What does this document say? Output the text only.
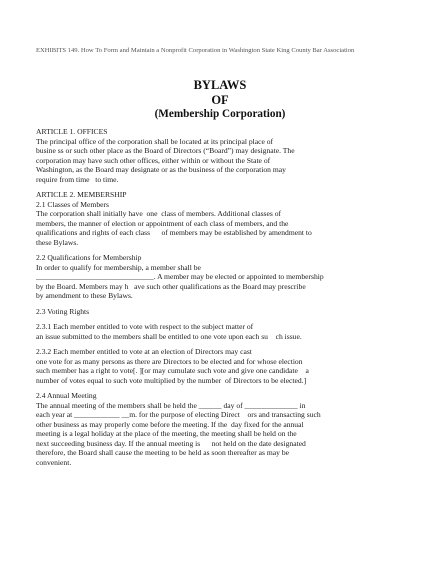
EXHIBITS 149. How To Form and Maintain a Nonprofit Corporation in Washington State King County Bar Association
BYLAWS
OF
(Membership Corporation)

ARTICLE 1. OFFICES

The principal office of the corporation shall be located at its principal place of

busine ss or such other place as the Board of Directors (“Board”) may designate. The

corporation may have such other offices, either within or without the State of

Washington, as the Board may designate or as the business of the corporation may

require from time   to time.

ARTICLE 2. MEMBERSHIP

2.1 Classes of Members

The corporation shall initially have  one  class of members. Additional classes of

members, the manner of election or appointment of each class of members, and the

qualifications and rights of each class      of members may be established by amendment to

these Bylaws.

2.2 Qualifications for Membership

In order to qualify for membership, a member shall be

_______________________________. A member may be elected or appointed to membership

by the Board. Members may h   ave such other qualifications as the Board may prescribe

by amendment to these Bylaws.

2.3 Voting Rights

2.3.1 Each member entitled to vote with respect to the subject matter of

an issue submitted to the members shall be entitled to one vote upon each su    ch issue.

2.3.2 Each member entitled to vote at an election of Directors may cast

one vote for as many persons as there are Directors to be elected and for whose election

such member has a right to vote[. ][or may cumulate such vote and give one candidate    a

number of votes equal to such vote multiplied by the number  of Directors to be elected.]

2.4 Annual Meeting

The annual meeting of the members shall be held the ______ day of ______________ in

each year at ____________ __m. for the purpose of electing Direct    ors and transacting such

other business as may properly come before the meeting. If the  day fixed for the annual

meeting is a legal holiday at the place of the meeting, the meeting shall be held on the

next succeeding business day. If the annual meeting is      not held on the date designated

therefore, the Board shall cause the meeting to be held as soon thereafter as may be

convenient.
